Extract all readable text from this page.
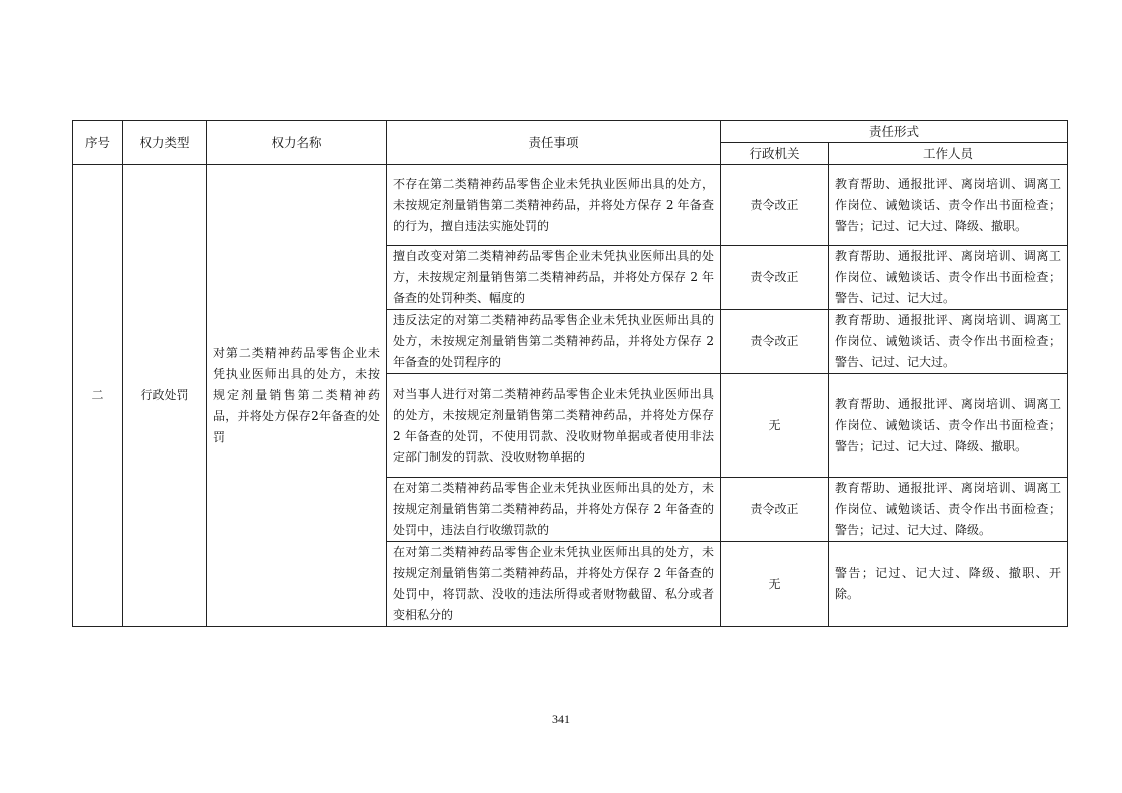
序号	权力类型	权力名称	责任事项	责任形式	
				行政机关	工作人员
二	行政处罚	对第二类精神药品零售企业未凭执业医师出具的处方，未按规定剂量销售第二类精神药品，并将处方保存2年备查的处罚	不存在第二类精神药品零售企业未凭执业医师出具的处方，未按规定剂量销售第二类精神药品，并将处方保存 2 年备查的行为，擅自违法实施处罚的	责令改正	教育帮助、通报批评、离岗培训、调离工作岗位、诫勉谈话、责令作出书面检查；警告；记过、记大过、降级、撤职。
			擅自改变对第二类精神药品零售企业未凭执业医师出具的处方，未按规定剂量销售第二类精神药品，并将处方保存 2 年备查的处罚种类、幅度的	责令改正	教育帮助、通报批评、离岗培训、调离工作岗位、诫勉谈话、责令作出书面检查；警告、记过、记大过。
			违反法定的对第二类精神药品零售企业未凭执业医师出具的处方，未按规定剂量销售第二类精神药品，并将处方保存 2 年备查的处罚程序的	责令改正	教育帮助、通报批评、离岗培训、调离工作岗位、诫勉谈话、责令作出书面检查；警告、记过、记大过。
			对当事人进行对第二类精神药品零售企业未凭执业医师出具的处方，未按规定剂量销售第二类精神药品，并将处方保存 2 年备查的处罚，不使用罚款、没收财物单据或者使用非法定部门制发的罚款、没收财物单据的	无	教育帮助、通报批评、离岗培训、调离工作岗位、诫勉谈话、责令作出书面检查；警告；记过、记大过、降级、撤职。
			在对第二类精神药品零售企业未凭执业医师出具的处方，未按规定剂量销售第二类精神药品，并将处方保存 2 年备查的处罚中，违法自行收缴罚款的	责令改正	教育帮助、通报批评、离岗培训、调离工作岗位、诫勉谈话、责令作出书面检查；警告；记过、记大过、降级。
			在对第二类精神药品零售企业未凭执业医师出具的处方，未按规定剂量销售第二类精神药品，并将处方保存 2 年备查的处罚中，将罚款、没收的违法所得或者财物截留、私分或者变相私分的	无	警告；记过、记大过、降级、撤职、开除。
341
